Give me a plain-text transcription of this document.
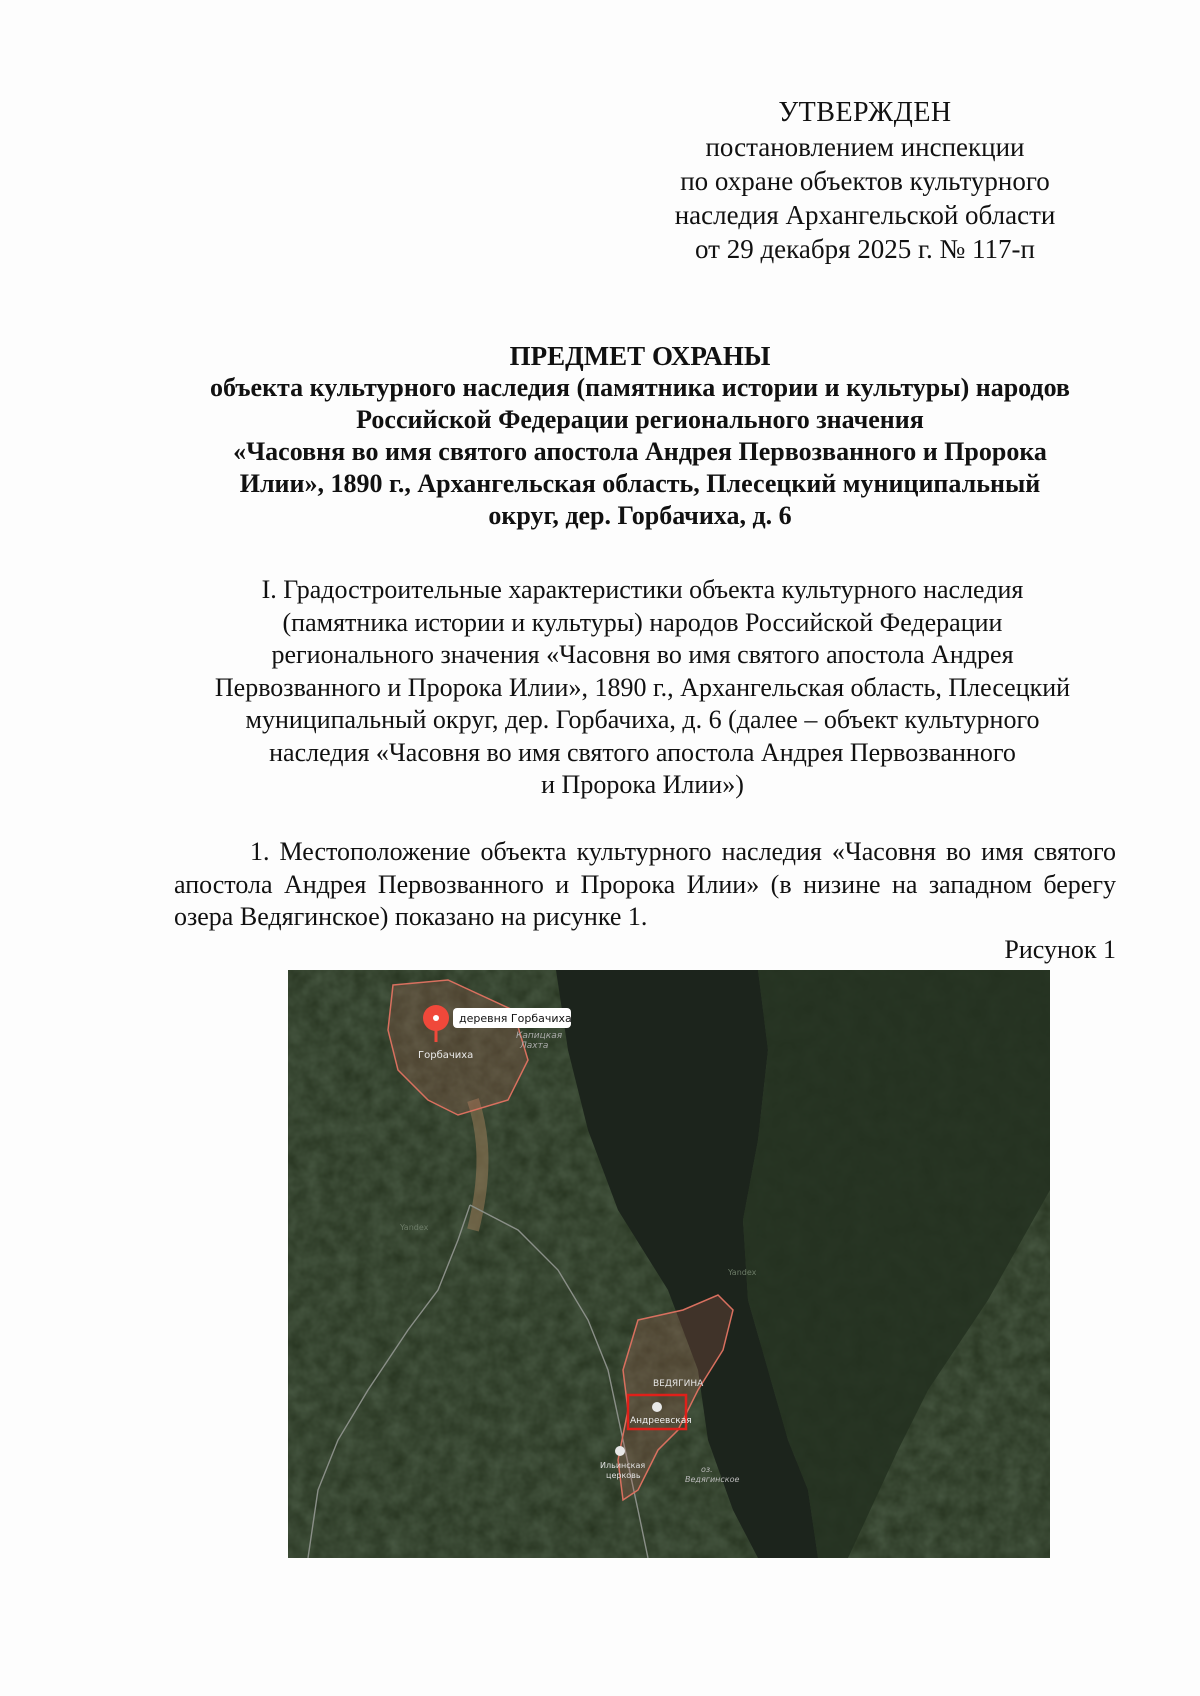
УТВЕРЖДЕН
постановлением инспекции
по охране объектов культурного
наследия Архангельской области
от 29 декабря 2025 г. № 117-п
ПРЕДМЕТ ОХРАНЫ
объекта культурного наследия (памятника истории и культуры) народов
Российской Федерации регионального значения
«Часовня во имя святого апостола Андрея Первозванного и Пророка
Илии», 1890 г., Архангельская область, Плесецкий муниципальный
округ, дер. Горбачиха, д. 6
I. Градостроительные характеристики объекта культурного наследия
(памятника истории и культуры) народов Российской Федерации
регионального значения «Часовня во имя святого апостола Андрея
Первозванного и Пророка Илии», 1890 г., Архангельская область, Плесецкий
муниципальный округ, дер. Горбачиха, д. 6 (далее – объект культурного
наследия «Часовня во имя святого апостола Андрея Первозванного
и Пророка Илии»)
1. Местоположение объекта культурного наследия «Часовня во имя святого апостола Андрея Первозванного и Пророка Илии» (в низине на западном берегу озера Ведягинское) показано на рисунке 1.
Рисунок 1
деревня Горбачиха
Горбачиха
Капицкая
Лахта
Yandex
Yandex
ВЕДЯГИНА
Андреевская
Ильинская
церковь
оз.
Ведягинское
